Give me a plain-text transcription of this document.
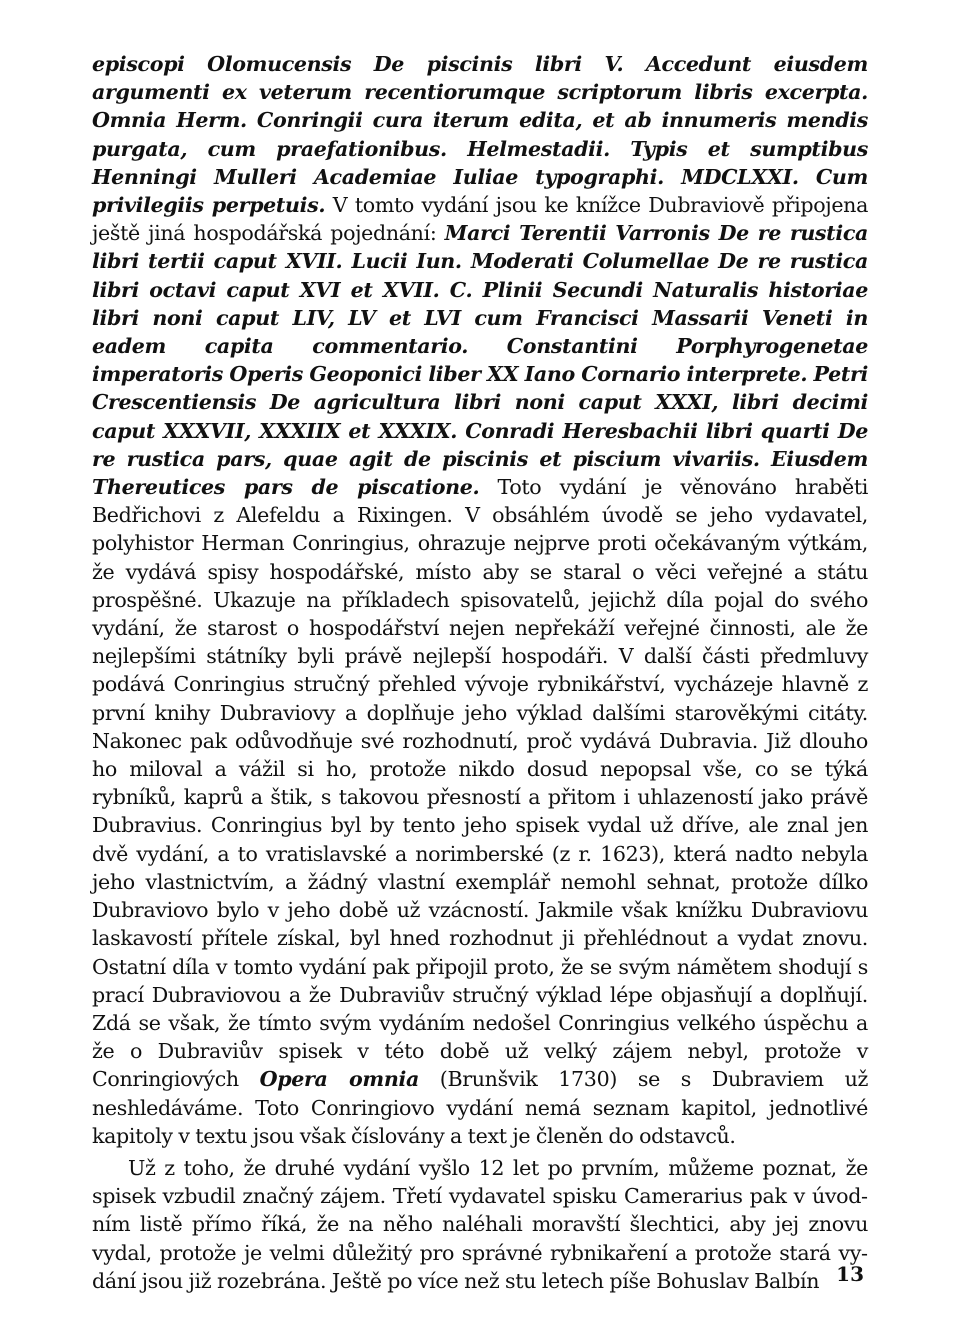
episcopi Olomucensis De piscinis libri V. Accedunt eiusdem argumenti ex veterum recentiorumque scriptorum libris excerpta. Omnia Herm. Conringii cura iterum edita, et ab innumeris mendis purgata, cum praefationibus. Helmestadii. Typis et sumptibus Henningi Mulleri Academiae Iuliae typographi. MDCLXXI. Cum privilegiis perpetuis. V tomto vydání jsou ke knížce Dubraviově připojena ještě jiná hospodářská pojednání: Marci Terentii Varronis De re rustica libri tertii caput XVII. Lucii Iun. Moderati Columellae De re rustica libri octavi caput XVI et XVII. C. Plinii Secundi Naturalis historiae libri noni caput LIV, LV et LVI cum Francisci Massarii Veneti in eadem capita commentario. Constantini Porphyrogenetae imperatoris Operis Geoponici liber XX Iano Cornario interprete. Petri Crescentiensis De agricultura libri noni caput XXXI, libri decimi caput XXXVII, XXXIIX et XXXIX. Conradi Heresbachii libri quarti De re rustica pars, quae agit de piscinis et piscium vivariis. Eiusdem Thereutices pars de piscatione. Toto vydání je věnováno hraběti Bedřichovi z Alefeldu a Rixingen. V obsáhlém úvodě se jeho vydavatel, polyhistor Herman Conringius, ohrazuje nejprve proti očekávaným výtkám, že vydává spisy hospodářské, místo aby se staral o věci veřejné a státu prospěšné. Ukazuje na příkladech spisovatelů, jejichž díla pojal do svého vydání, že starost o hospodářství nejen nepřekáží veřejné činnosti, ale že nejlepšími státníky byli právě nejlepší hospodáři. V další části předmluvy podává Conringius stručný přehled vývoje rybnikářství, vycházeje hlavně z první knihy Dubraviovy a doplňuje jeho výklad dalšími starověkými citáty. Nakonec pak odůvodňuje své rozhodnutí, proč vydává Dubravia. Již dlouho ho miloval a vážil si ho, protože nikdo dosud nepopsal vše, co se týká rybníků, kaprů a štik, s takovou přesností a přitom i uhlazeností jako právě Dubravius. Conringius byl by tento jeho spisek vydal už dříve, ale znal jen dvě vydání, a to vratislavské a norimberské (z r. 1623), která nadto nebyla jeho vlastnictvím, a žádný vlastní exemplář nemohl sehnat, protože dílko Dubraviovo bylo v jeho době už vzácností. Jakmile však knížku Dubraviovu laskavostí přítele získal, byl hned rozhodnut ji přehlédnout a vydat znovu. Ostatní díla v tomto vydání pak připojil proto, že se svým námětem shodují s prací Dubraviovou a že Dubraviův stručný výklad lépe objasňují a doplňují. Zdá se však, že tímto svým vydáním nedošel Conringius velkého úspěchu a že o Dubraviův spisek v této době už velký zájem nebyl, protože v Conringiových Opera omnia (Brunšvik 1730) se s Dubraviem už neshledáváme. Toto Conringiovo vydání nemá seznam kapitol, jednotlivé kapitoly v textu jsou však číslovány a text je členěn do odstavců.

Už z toho, že druhé vydání vyšlo 12 let po prvním, můžeme poznat, že spisek vzbudil značný zájem. Třetí vydavatel spisku Camerarius pak v úvodním listě přímo říká, že na něho naléhali moravští šlechtici, aby jej znovu vydal, protože je velmi důležitý pro správné rybnikaření a protože stará vydání jsou již rozebrána. Ještě po více než stu letech píše Bohuslav Balbín 13
